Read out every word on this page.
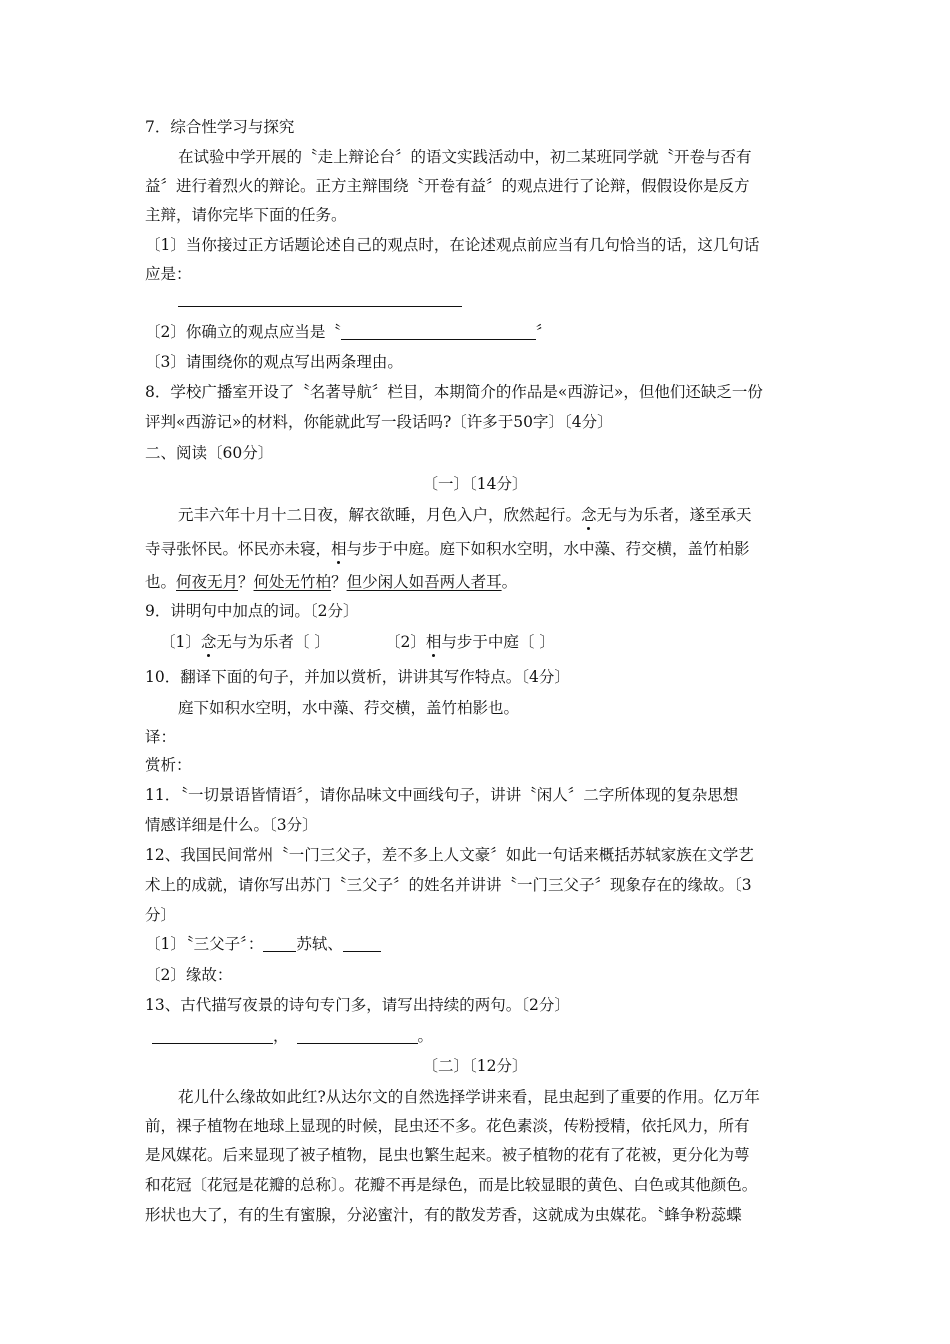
7．综合性学习与探究
在试验中学开展的〝走上辩论台〞的语文实践活动中，初二某班同学就〝开卷与否有
益〞进行着烈火的辩论。正方主辩围绕〝开卷有益〞的观点进行了论辩，假假设你是反方
主辩，请你完毕下面的任务。
〔1〕当你接过正方话题论述自己的观点时，在论述观点前应当有几句恰当的话，这几句话
应是：
〔2〕你确立的观点应当是〝	〞
〔3〕请围绕你的观点写出两条理由。
8．学校广播室开设了〝名著导航〞栏目，本期简介的作品是«西游记»，但他们还缺乏一份
评判«西游记»的材料，你能就此写一段话吗?〔许多于50字〕〔4分〕
二、阅读〔60分〕
〔一〕〔14分〕
元丰六年十月十二日夜，解衣欲睡，月色入户，欣然起行。念无与为乐者，遂至承天
寺寻张怀民。怀民亦未寝，相与步于中庭。庭下如积水空明，水中藻、荇交横，盖竹柏影
也。何夜无月？何处无竹柏？但少闲人如吾两人者耳。
9．讲明句中加点的词。〔2分〕
〔1〕念无与为乐者〔 〕	〔2〕相与步于中庭〔 〕
10．翻译下面的句子，并加以赏析，讲讲其写作特点。〔4分〕
庭下如积水空明，水中藻、荇交横，盖竹柏影也。
译：
赏析：
11．〝一切景语皆情语〞，请你品味文中画线句子，讲讲〝闲人〞二字所体现的复杂思想
情感详细是什么。〔3分〕
12、我国民间常州〝一门三父子，差不多上人文豪〞如此一句话来概括苏轼家族在文学艺
术上的成就，请你写出苏门〝三父子〞的姓名并讲讲〝一门三父子〞现象存在的缘故。〔3
分〕
〔1〕〝三父子〞： 苏轼、
〔2〕缘故：
13、古代描写夜景的诗句专门多，请写出持续的两句。〔2分〕
，	。
〔二〕〔12分〕
花儿什么缘故如此红?从达尔文的自然选择学讲来看，昆虫起到了重要的作用。亿万年
前，裸子植物在地球上显现的时候，昆虫还不多。花色素淡，传粉授精，依托风力，所有
是风媒花。后来显现了被子植物，昆虫也繁生起来。被子植物的花有了花被，更分化为萼
和花冠〔花冠是花瓣的总称〕。花瓣不再是绿色，而是比较显眼的黄色、白色或其他颜色。
形状也大了，有的生有蜜腺，分泌蜜汁，有的散发芳香，这就成为虫媒花。〝蜂争粉蕊蝶
